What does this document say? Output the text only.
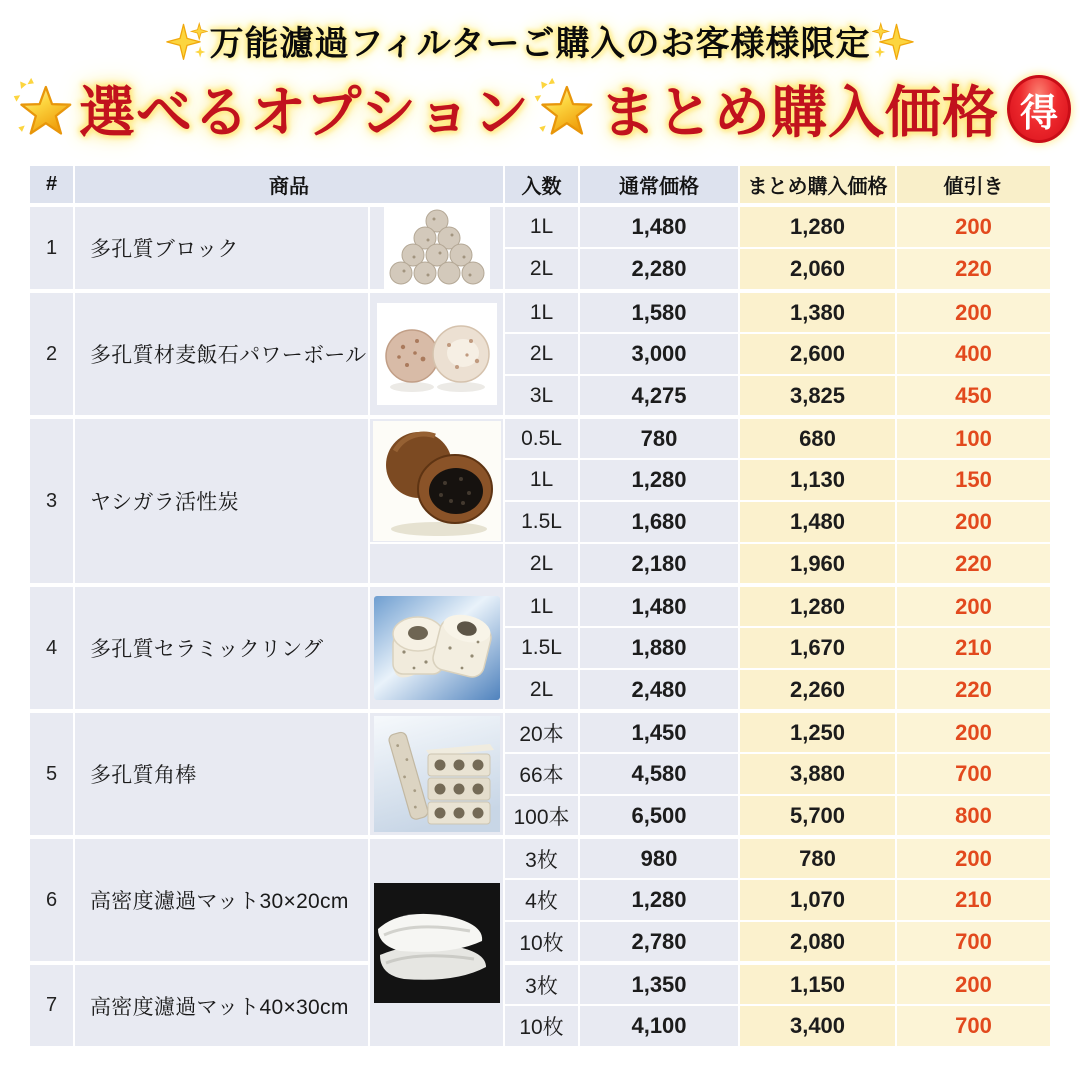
万能濾過フィルターご購入のお客様様限定
選べるオプション まとめ購入価格 得
#	商品		入数	通常価格	まとめ購入価格	値引き
1	多孔質ブロック		1L	1,480	1,280	200
			2L	2,280	2,060	220
2	多孔質材麦飯石パワーボール		1L	1,580	1,380	200
			2L	3,000	2,600	400
			3L	4,275	3,825	450
3	ヤシガラ活性炭		0.5L	780	680	100
			1L	1,280	1,130	150
			1.5L	1,680	1,480	200
			2L	2,180	1,960	220
4	多孔質セラミックリング		1L	1,480	1,280	200
			1.5L	1,880	1,670	210
			2L	2,480	2,260	220
5	多孔質角棒		20本	1,450	1,250	200
			66本	4,580	3,880	700
			100本	6,500	5,700	800
6	高密度濾過マット30×20cm		3枚	980	780	200
			4枚	1,280	1,070	210
			10枚	2,780	2,080	700
7	高密度濾過マット40×30cm		3枚	1,350	1,150	200
			10枚	4,100	3,400	700
